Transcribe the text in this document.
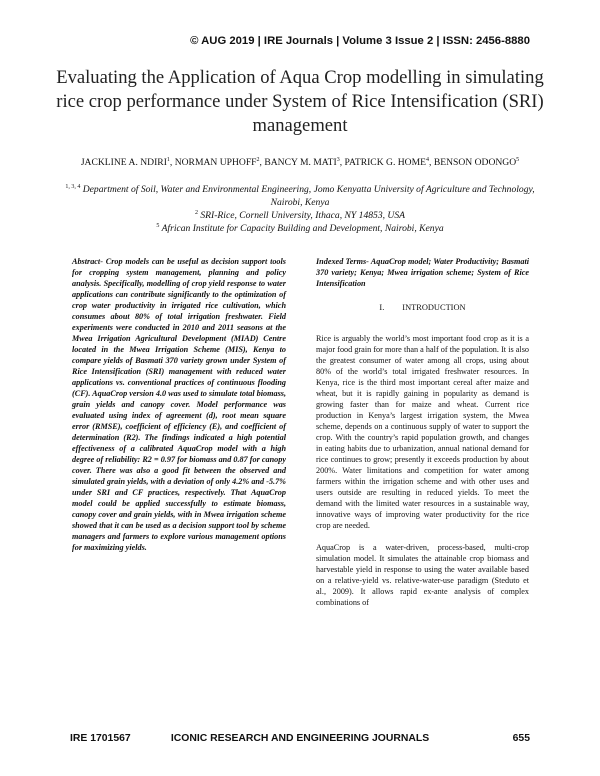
© AUG 2019 | IRE Journals | Volume 3 Issue 2 | ISSN: 2456-8880
Evaluating the Application of Aqua Crop modelling in simulating rice crop performance under System of Rice Intensification (SRI) management
JACKLINE A. NDIRI$^1$, NORMAN UPHOFF$^2$, BANCY M. MATI$^3$, PATRICK G. HOME$^4$, BENSON ODONGO$^5$
$^{1, 3, 4}$ Department of Soil, Water and Environmental Engineering, Jomo Kenyatta University of Agriculture and Technology, Nairobi, Kenya
$^2$ SRI-Rice, Cornell University, Ithaca, NY 14853, USA
$^5$ African Institute for Capacity Building and Development, Nairobi, Kenya
Abstract- Crop models can be useful as decision support tools for cropping system management, planning and policy analysis. Specifically, modelling of crop yield response to water applications can contribute significantly to the optimization of crop water productivity in irrigated rice cultivation, which consumes about 80% of total irrigation freshwater. Field experiments were conducted in 2010 and 2011 seasons at the Mwea Irrigation Agricultural Development (MIAD) Centre located in the Mwea Irrigation Scheme (MIS), Kenya to compare yields of Basmati 370 variety grown under System of Rice Intensification (SRI) management with reduced water applications vs. conventional practices of continuous flooding (CF). AquaCrop version 4.0 was used to simulate total biomass, grain yields and canopy cover. Model performance was evaluated using index of agreement (d), root mean square error (RMSE), coefficient of efficiency (E), and coefficient of determination (R2). The findings indicated a high potential effectiveness of a calibrated AquaCrop model with a high degree of reliability: R2 = 0.97 for biomass and 0.87 for canopy cover. There was also a good fit between the observed and simulated grain yields, with a deviation of only 4.2% and -5.7% under SRI and CF practices, respectively. That AquaCrop model could be applied successfully to estimate biomass, canopy cover and grain yields, with in Mwea irrigation scheme showed that it can be used as a decision support tool by scheme managers and farmers to explore various management options for maximizing yields.
Indexed Terms- AquaCrop model; Water Productivity; Basmati 370 variety; Kenya; Mwea irrigation scheme; System of Rice Intensification
I. INTRODUCTION

Rice is arguably the world’s most important food crop as it is a major food grain for more than a half of the population. It is also the greatest consumer of water among all crops, using about 80% of the world’s total irrigated freshwater resources. In Kenya, rice is the third most important cereal after maize and wheat, but it is rapidly gaining in popularity as demand is growing faster than for maize and wheat. Current rice production in Kenya’s largest irrigation system, the Mwea scheme, depends on a continuous supply of water to support the crop. With the country’s rapid population growth, and changes in eating habits due to urbanization, annual national demand for rice continues to grow; presently it exceeds production by about 200%. Water limitations and competition for water among farmers within the irrigation scheme and with other uses and users outside are resulting in reduced yields. To meet the demand with the limited water resources in a sustainable way, innovative ways of improving water productivity for the rice crop are needed.

AquaCrop is a water-driven, process-based, multi-crop simulation model. It simulates the attainable crop biomass and harvestable yield in response to using the water available based on a relative-yield vs. relative-water-use paradigm (Steduto et al., 2009). It allows rapid ex-ante analysis of complex combinations of

IRE 1701567	ICONIC RESEARCH AND ENGINEERING JOURNALS	655
